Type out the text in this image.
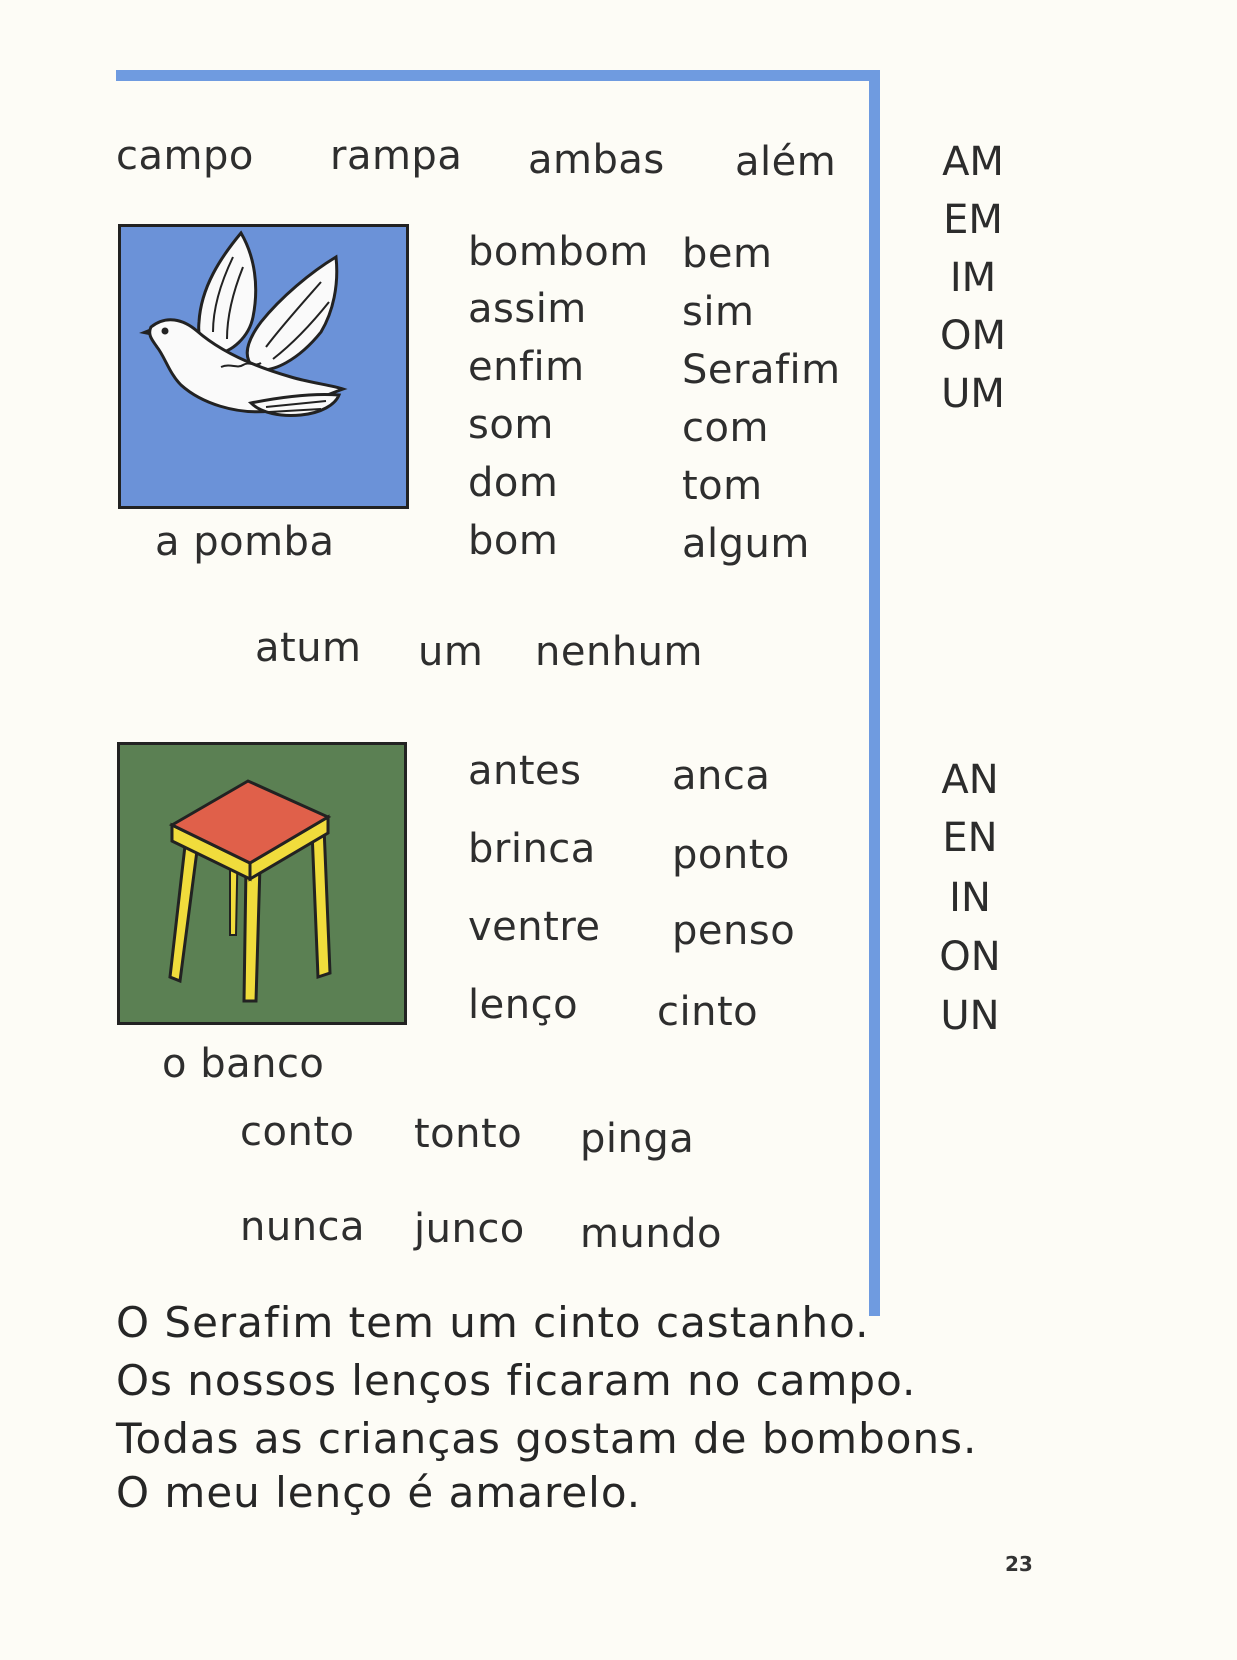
campo rampa ambas além	AM
EM
IM
OM
UM
a pomba
bombom
assim
enfim
som
dom
bom
bem
sim
Serafim
com
tom
algum
atum um nenhum
o banco
antes
brinca
ventre
lenço
anca
ponto
penso
cinto
AN
EN
IN
ON
UN
conto tonto pinga
nunca junco mundo
O Serafim tem um cinto castanho.
Os nossos lenços ficaram no campo.
Todas as crianças gostam de bombons.
O meu lenço é amarelo.
23
